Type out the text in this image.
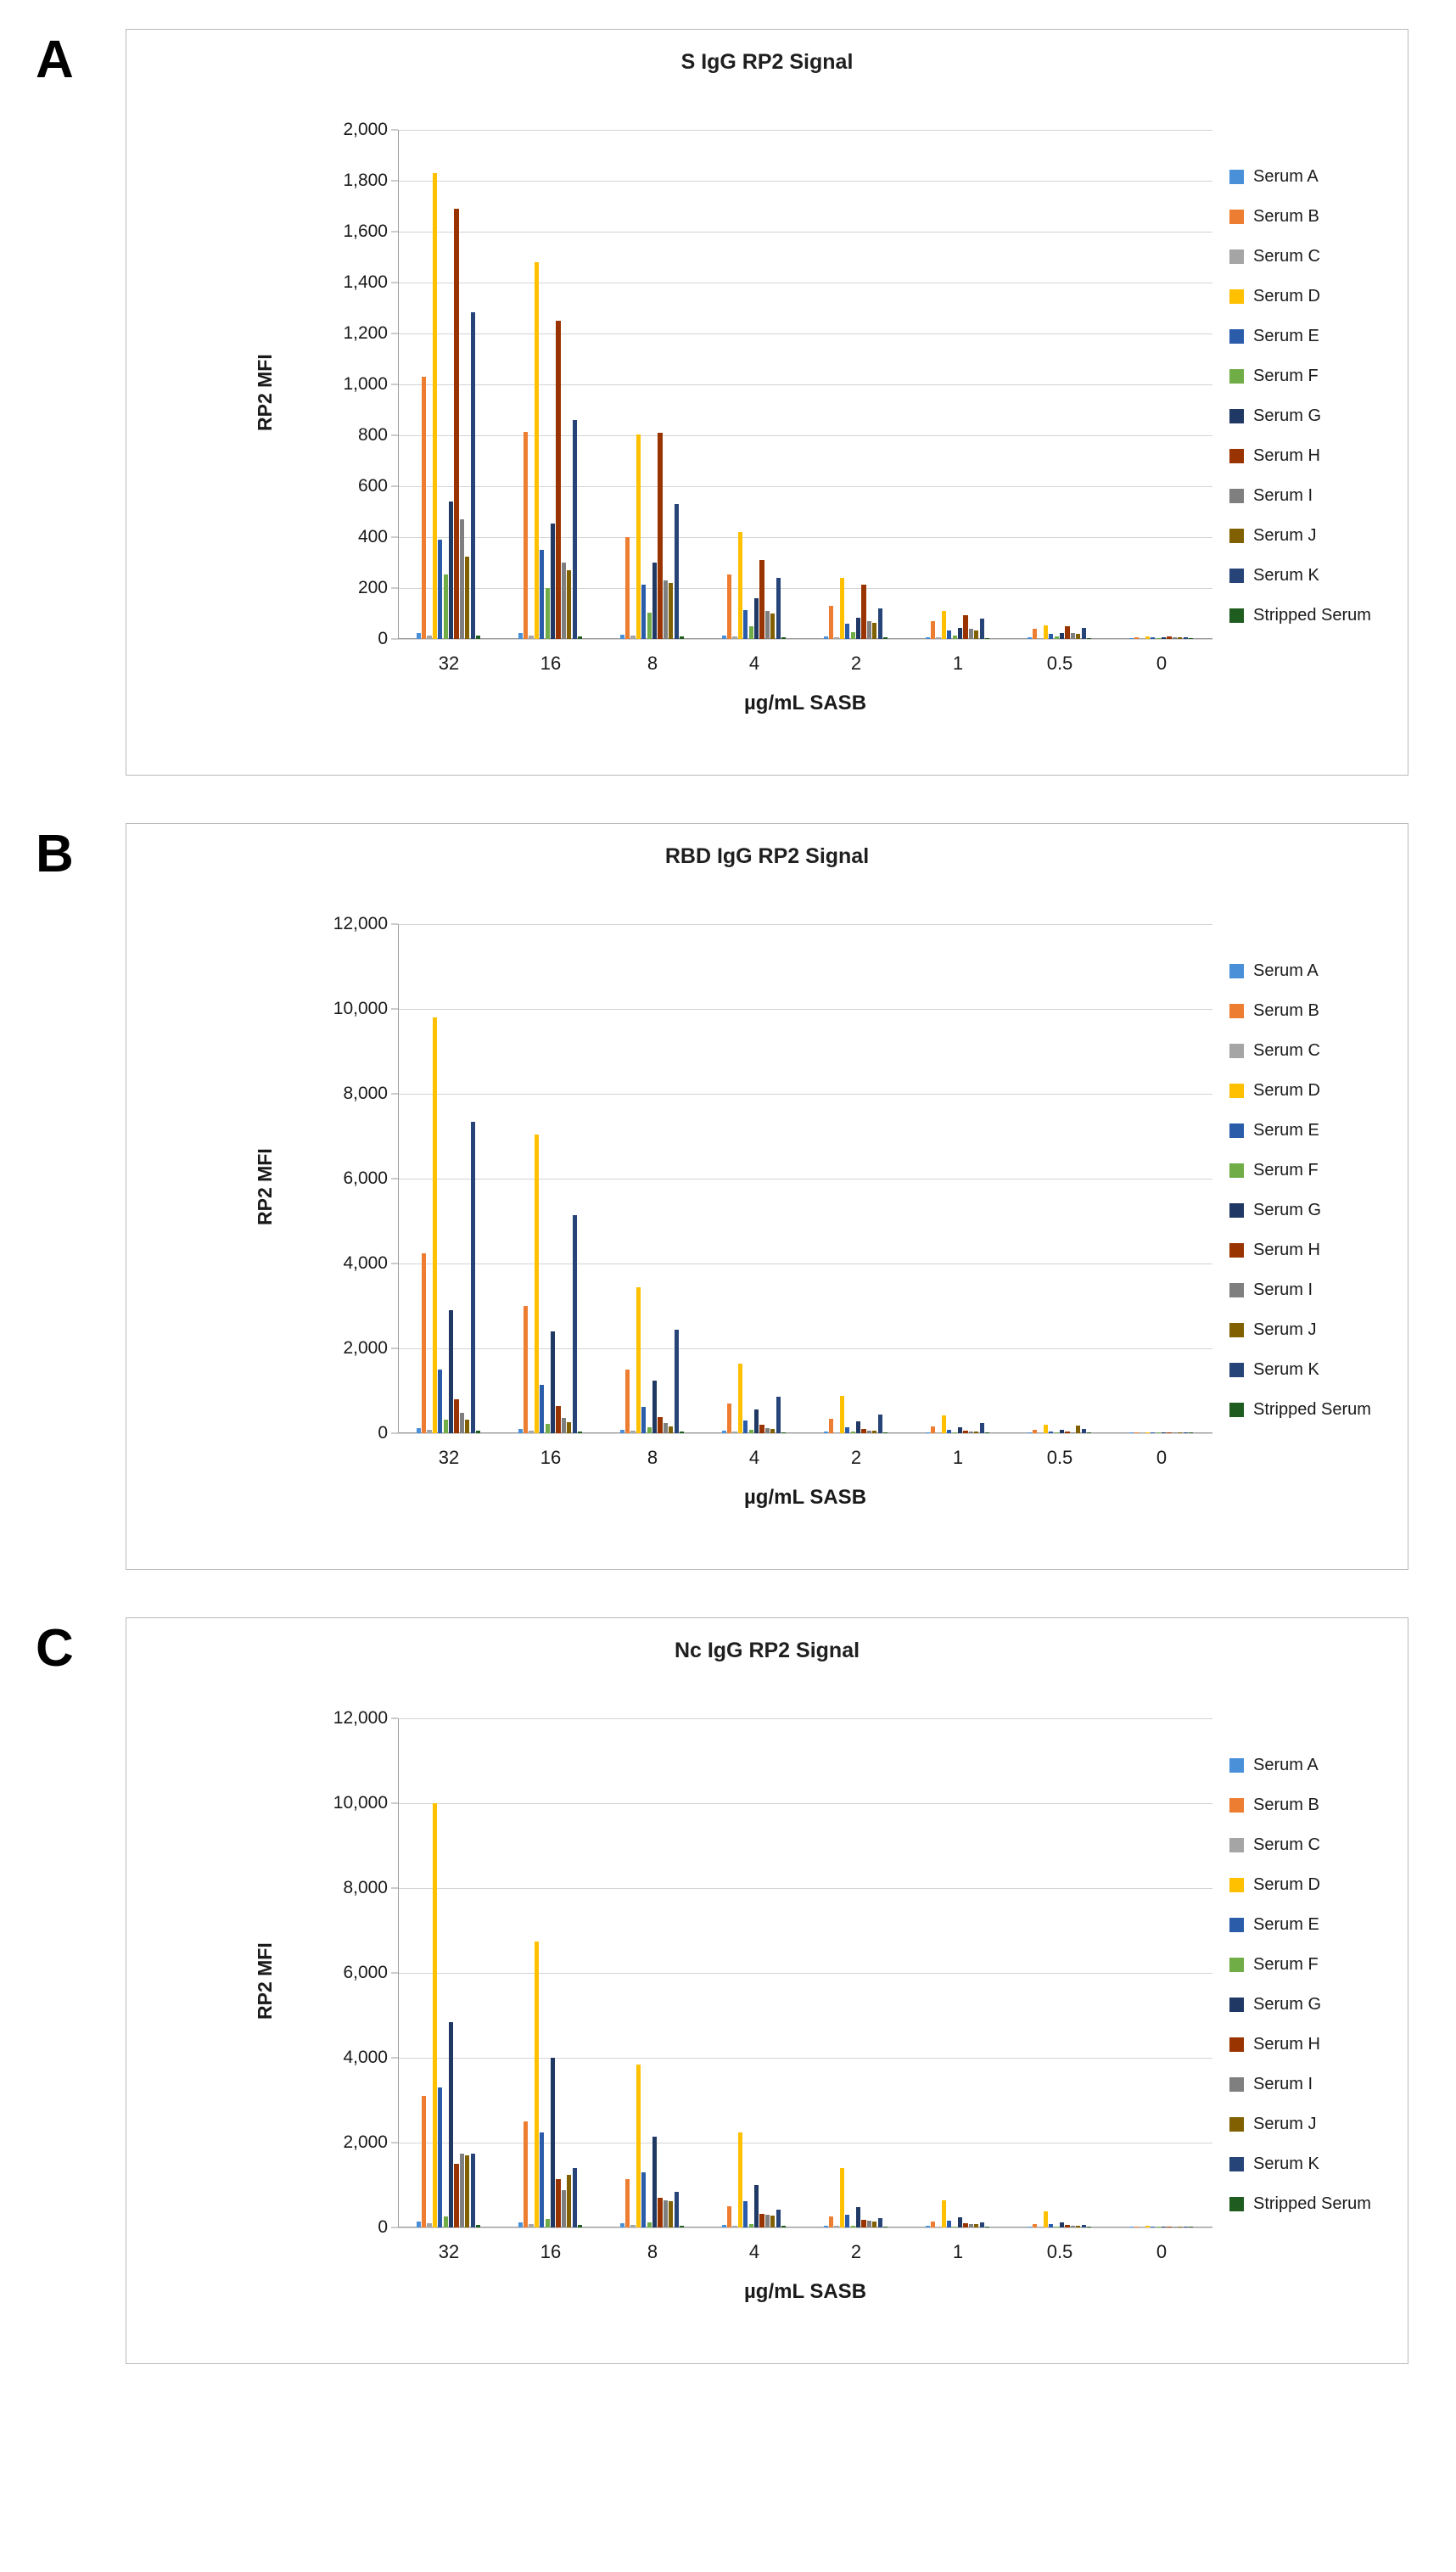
A	S IgG RP2 Signal
0
200
400
600
800
1,000
1,200
1,400
1,600
1,800
2,000
32	16	8	4	2	1	0.5	0
RP2 MFI
µg/mL SASB
Serum A
Serum B
Serum C
Serum D
Serum E
Serum F
Serum G
Serum H
Serum I
Serum J
Serum K
Stripped Serum
B	RBD IgG RP2 Signal
0
2,000
4,000
6,000
8,000
10,000
12,000
32	16	8	4	2	1	0.5	0
RP2 MFI
µg/mL SASB
Serum A
Serum B
Serum C
Serum D
Serum E
Serum F
Serum G
Serum H
Serum I
Serum J
Serum K
Stripped Serum
C	Nc IgG RP2 Signal
0
2,000
4,000
6,000
8,000
10,000
12,000
32	16	8	4	2	1	0.5	0
RP2 MFI
µg/mL SASB
Serum A
Serum B
Serum C
Serum D
Serum E
Serum F
Serum G
Serum H
Serum I
Serum J
Serum K
Stripped Serum
